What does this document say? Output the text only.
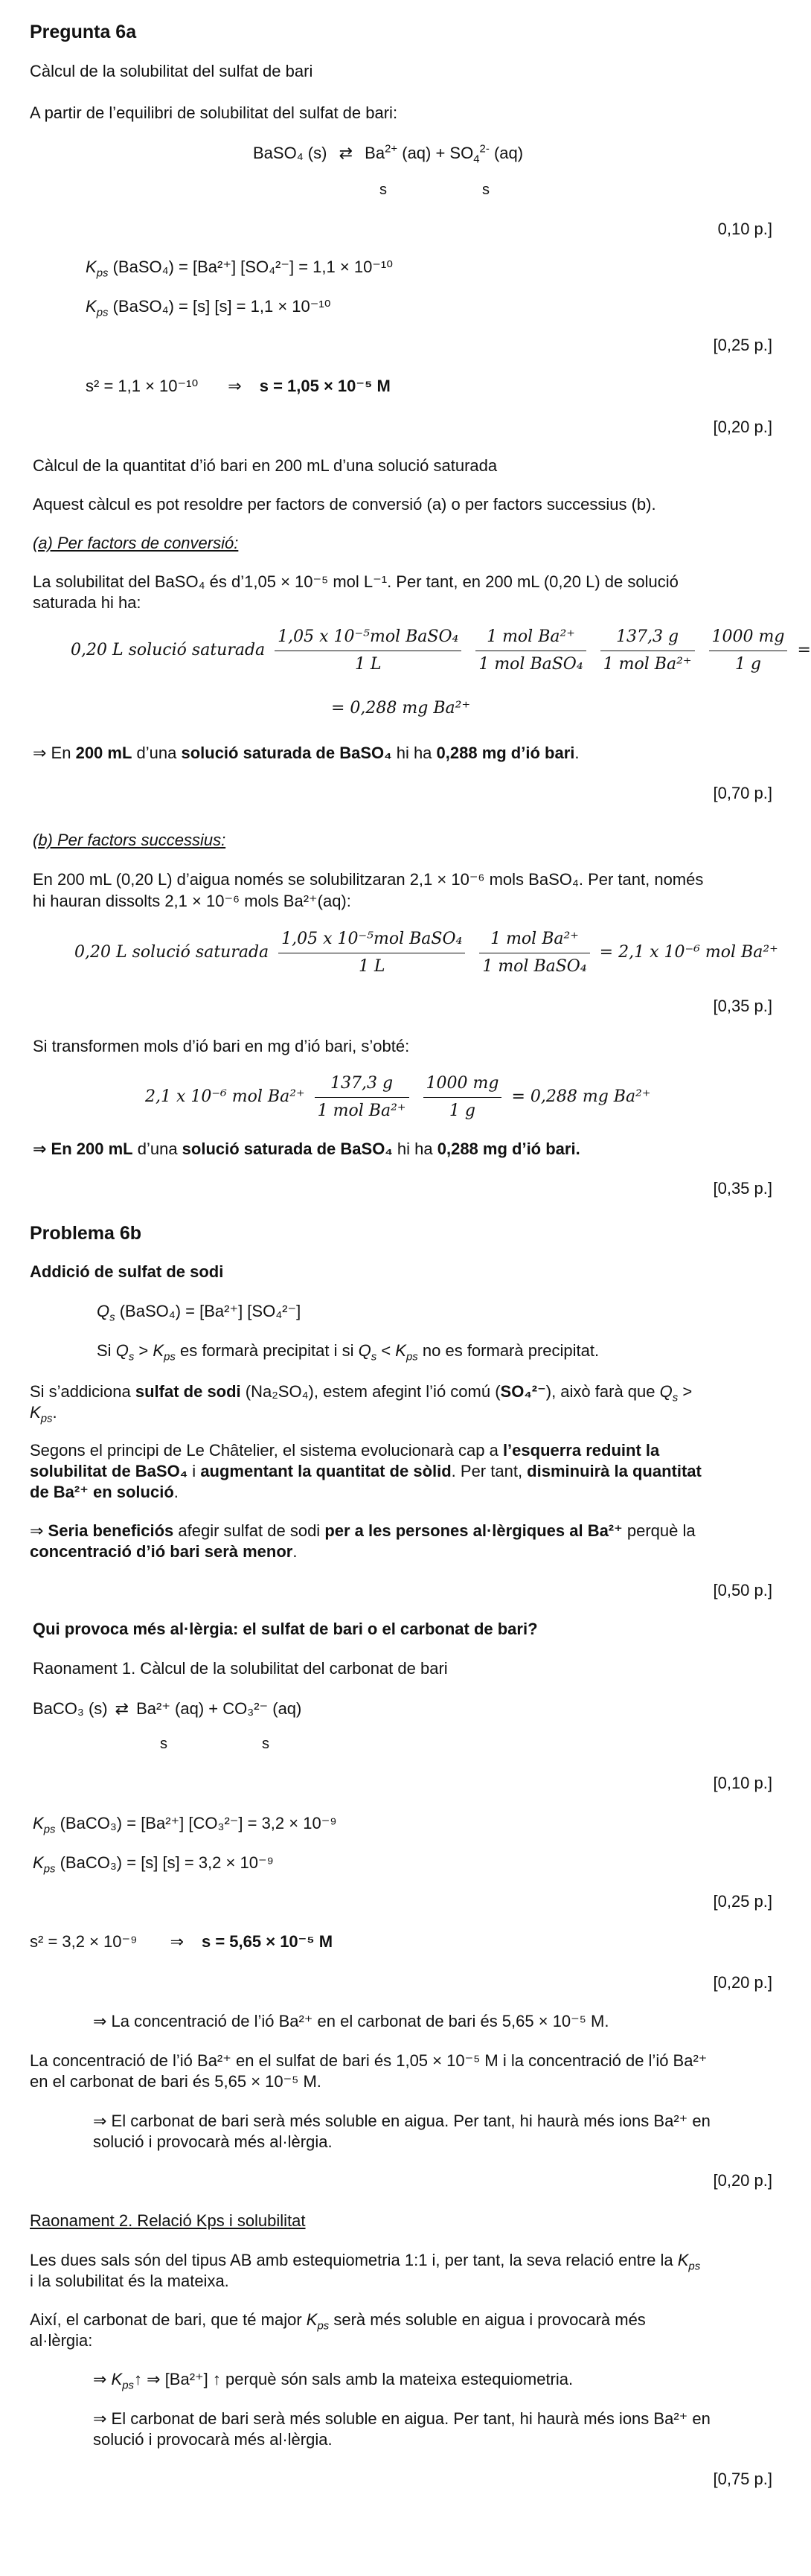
Pregunta 6a
Càlcul de la solubilitat del sulfat de bari
A partir de l’equilibri de solubilitat del sulfat de bari:
BaSO₄ (s) ⇄ $Ba^{2+}$ $(aq) + SO_4^{2-}$ (aq)
s	s
0,10 p.]
$K_{ps}$ (BaSO₄) = [Ba²⁺] [SO₄²⁻] = 1,1 × 10⁻¹⁰
$K_{ps}$ (BaSO₄) = [s] [s] = 1,1 × 10⁻¹⁰
[0,25 p.]
s² = 1,1 × 10⁻¹⁰ ⇒ s = 1,05 × 10⁻⁵ M
[0,20 p.]
Càlcul de la quantitat d’ió bari en 200 mL d’una solució saturada
Aquest càlcul es pot resoldre per factors de conversió (a) o per factors successius (b).
(a) Per factors de conversió:
La solubilitat del BaSO₄ és d’1,05 × 10⁻⁵ mol L⁻¹. Per tant, en 200 mL (0,20 L) de solució
saturada hi ha:
0,20 L solució saturada $\frac{\text{1,05 x 10⁻⁵mol BaSO₄}}{1 L}$
$\frac{\text{1 mol Ba²⁺}}{\text{1 mol BaSO₄}}$
$\frac{137,3 g}{\text{1 mol Ba²⁺}}$
$\frac{1000 mg}{1 g}$ =
= 0,288 mg Ba²⁺
⇒ En 200 mL d’una solució saturada de BaSO₄ hi ha 0,288 mg d’ió bari.
[0,70 p.]
(b) Per factors successius:
En 200 mL (0,20 L) d’aigua només se solubilitzaran 2,1 × 10⁻⁶ mols BaSO₄. Per tant, només
hi hauran dissolts 2,1 × 10⁻⁶ mols Ba²⁺(aq):
0,20 L solució saturada $\frac{\text{1,05 x 10⁻⁵mol BaSO₄}}{1 L}$
$\frac{\text{1 mol Ba²⁺}}{\text{1 mol BaSO₄}} = 2,1$ x 10⁻⁶ mol Ba²⁺
[0,35 p.]
Si transformen mols d’ió bari en mg d’ió bari, s’obté:
2,1 x 10⁻⁶ mol $Ba^{2+} \frac{137,3 g}{\text{1 mol Ba²⁺}}$
$\frac{1000 mg}{1 g} = 0,288$ mg Ba²⁺
⇒ En 200 mL d’una solució saturada de BaSO₄ hi ha 0,288 mg d’ió bari.
[0,35 p.]
Problema 6b
Addició de sulfat de sodi
$Q_s$ (BaSO₄) = [Ba²⁺] [SO₄²⁻]
Si $Q_s > K_{ps}$ es formarà precipitat i si $Q_s < K_{ps}$ no es formarà precipitat.
Si s’addiciona sulfat de sodi (Na₂SO₄), estem afegint l’ió comú (SO₄²⁻), això farà que $Q_s$ >
$K_{ps}$.
Segons el principi de Le Châtelier, el sistema evolucionarà cap a l’esquerra reduint la
solubilitat de BaSO₄ i augmentant la quantitat de sòlid. Per tant, disminuirà la quantitat
de Ba²⁺ en solució.
⇒ Seria beneficiós afegir sulfat de sodi per a les persones al·lèrgiques al Ba²⁺ perquè la
concentració d’ió bari serà menor.
[0,50 p.]
Qui provoca més al·lèrgia: el sulfat de bari o el carbonat de bari?
Raonament 1. Càlcul de la solubilitat del carbonat de bari
BaCO₃ (s) ⇄ Ba²⁺ (aq) + CO₃²⁻ (aq)
s	s
[0,10 p.]
$K_{ps}$ (BaCO₃) = [Ba²⁺] [CO₃²⁻] = 3,2 × 10⁻⁹
$K_{ps}$ (BaCO₃) = [s] [s] = 3,2 × 10⁻⁹
[0,25 p.]
s² = 3,2 × 10⁻⁹ ⇒ s = 5,65 × 10⁻⁵ M
[0,20 p.]
⇒ La concentració de l’ió Ba²⁺ en el carbonat de bari és 5,65 × 10⁻⁵ M.
La concentració de l’ió Ba²⁺ en el sulfat de bari és 1,05 × 10⁻⁵ M i la concentració de l’ió Ba²⁺
en el carbonat de bari és 5,65 × 10⁻⁵ M.
⇒ El carbonat de bari serà més soluble en aigua. Per tant, hi haurà més ions Ba²⁺ en
solució i provocarà més al·lèrgia.
[0,20 p.]
Raonament 2. Relació Kps i solubilitat
Les dues sals són del tipus AB amb estequiometria 1:1 i, per tant, la seva relació entre la $K_{ps}$
i la solubilitat és la mateixa.
Així, el carbonat de bari, que té major $K_{ps}$ serà més soluble en aigua i provocarà més
al·lèrgia:
⇒ $K_{ps}↑$ ⇒ [Ba²⁺] ↑ perquè són sals amb la mateixa estequiometria.
⇒ El carbonat de bari serà més soluble en aigua. Per tant, hi haurà més ions Ba²⁺ en
solució i provocarà més al·lèrgia.
[0,75 p.]
